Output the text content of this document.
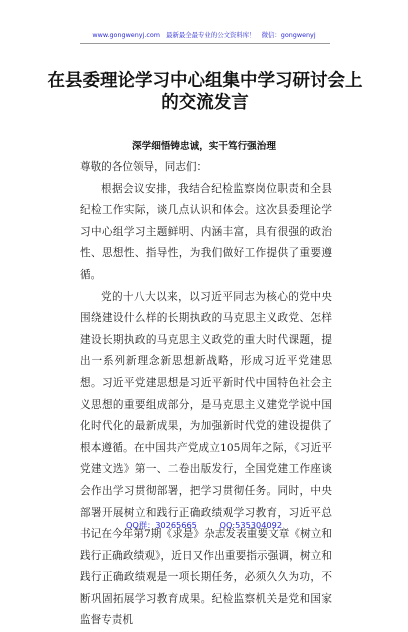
www.gongwenyj.com 最新最全最专业的公文资料库！ 微信：gongwenyj
在县委理论学习中心组集中学习研讨会上的交流发言
深学细悟铸忠诚，实干笃行强治理

尊敬的各位领导，同志们：

根据会议安排，我结合纪检监察岗位职责和全县纪检工作实际，谈几点认识和体会。这次县委理论学习中心组学习主题鲜明、内涵丰富，具有很强的政治性、思想性、指导性，为我们做好工作提供了重要遵循。

党的十八大以来，以习近平同志为核心的党中央围绕建设什么样的长期执政的马克思主义政党、怎样建设长期执政的马克思主义政党的重大时代课题，提出一系列新理念新思想新战略，形成习近平党建思想。习近平党建思想是习近平新时代中国特色社会主义思想的重要组成部分，是马克思主义建党学说中国化时代化的最新成果，为加强新时代党的建设提供了根本遵循。在中国共产党成立105周年之际，《习近平党建文选》第一、二卷出版发行，全国党建工作座谈会作出学习贯彻部署，把学习贯彻任务。同时，中央部署开展树立和践行正确政绩观学习教育，习近平总书记在今年第7期《求是》杂志发表重要文章《树立和践行正确政绩观》，近日又作出重要指示强调，树立和践行正确政绩观是一项长期任务，必须久久为功，不断巩固拓展学习教育成果。纪检监察机关是党和国家监督专责机

QQ群：30265665	QQ:535304092
